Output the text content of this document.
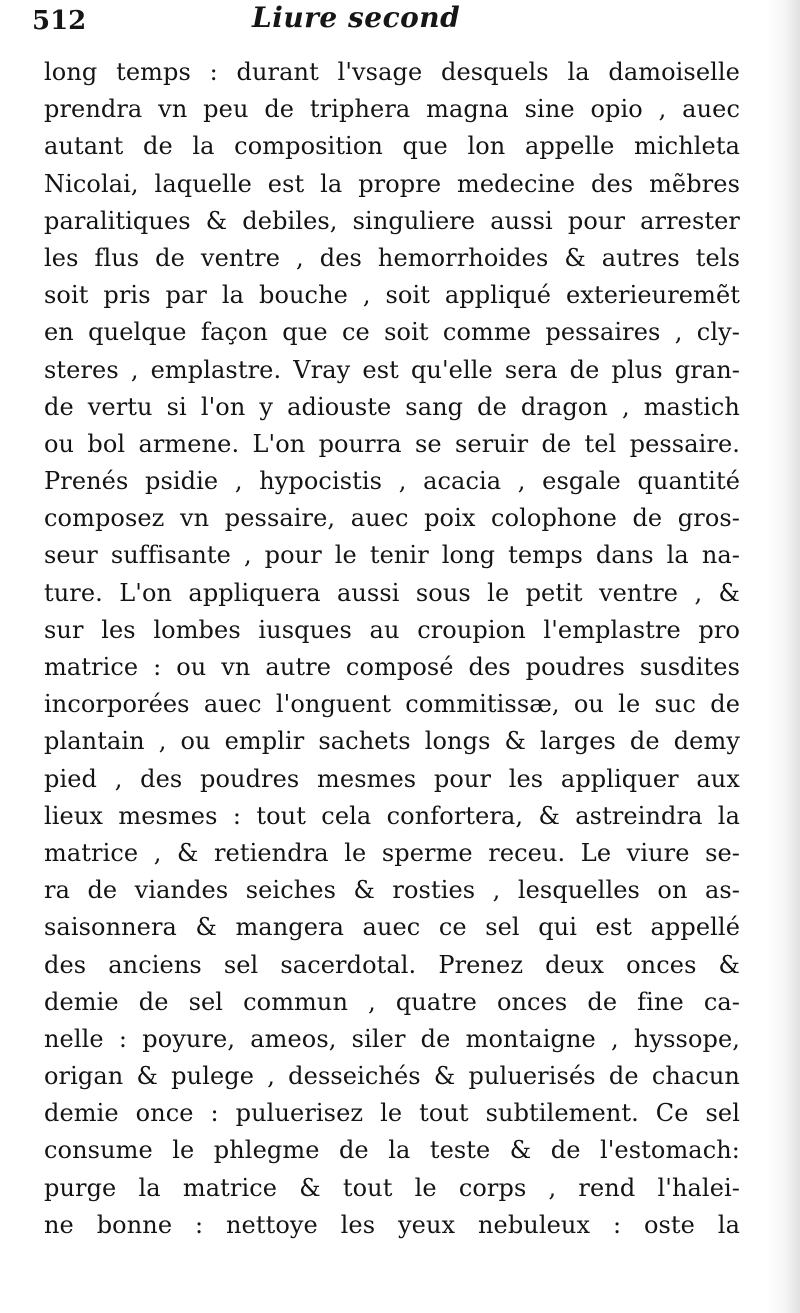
512	Liure second
long temps : durant l'vsage desquels la damoiselle
prendra vn peu de triphera magna sine opio , auec
autant de la composition que lon appelle michleta
Nicolai, laquelle est la propre medecine des mẽbres
paralitiques & debiles, singuliere aussi pour arrester
les flus de ventre , des hemorrhoides & autres tels
soit pris par la bouche , soit appliqué exterieuremẽt
en quelque façon que ce soit comme pessaires , cly-
steres , emplastre. Vray est qu'elle sera de plus gran-
de vertu si l'on y adiouste sang de dragon , mastich
ou bol armene. L'on pourra se seruir de tel pessaire.
Prenés psidie , hypocistis , acacia , esgale quantité
composez vn pessaire, auec poix colophone de gros-
seur suffisante , pour le tenir long temps dans la na-
ture. L'on appliquera aussi sous le petit ventre , &
sur les lombes iusques au croupion l'emplastre pro
matrice : ou vn autre composé des poudres susdites
incorporées auec l'onguent commitissæ, ou le suc de
plantain , ou emplir sachets longs & larges de demy
pied , des poudres mesmes pour les appliquer aux
lieux mesmes : tout cela confortera, & astreindra la
matrice , & retiendra le sperme receu. Le viure se-
ra de viandes seiches & rosties , lesquelles on as-
saisonnera & mangera auec ce sel qui est appellé
des anciens sel sacerdotal. Prenez deux onces &
demie de sel commun , quatre onces de fine ca-
nelle : poyure, ameos, siler de montaigne , hyssope,
origan & pulege , desseichés & puluerisés de chacun
demie once : puluerisez le tout subtilement. Ce sel
consume le phlegme de la teste & de l'estomach:
purge la matrice & tout le corps , rend l'halei-
ne bonne : nettoye les yeux nebuleux : oste la
